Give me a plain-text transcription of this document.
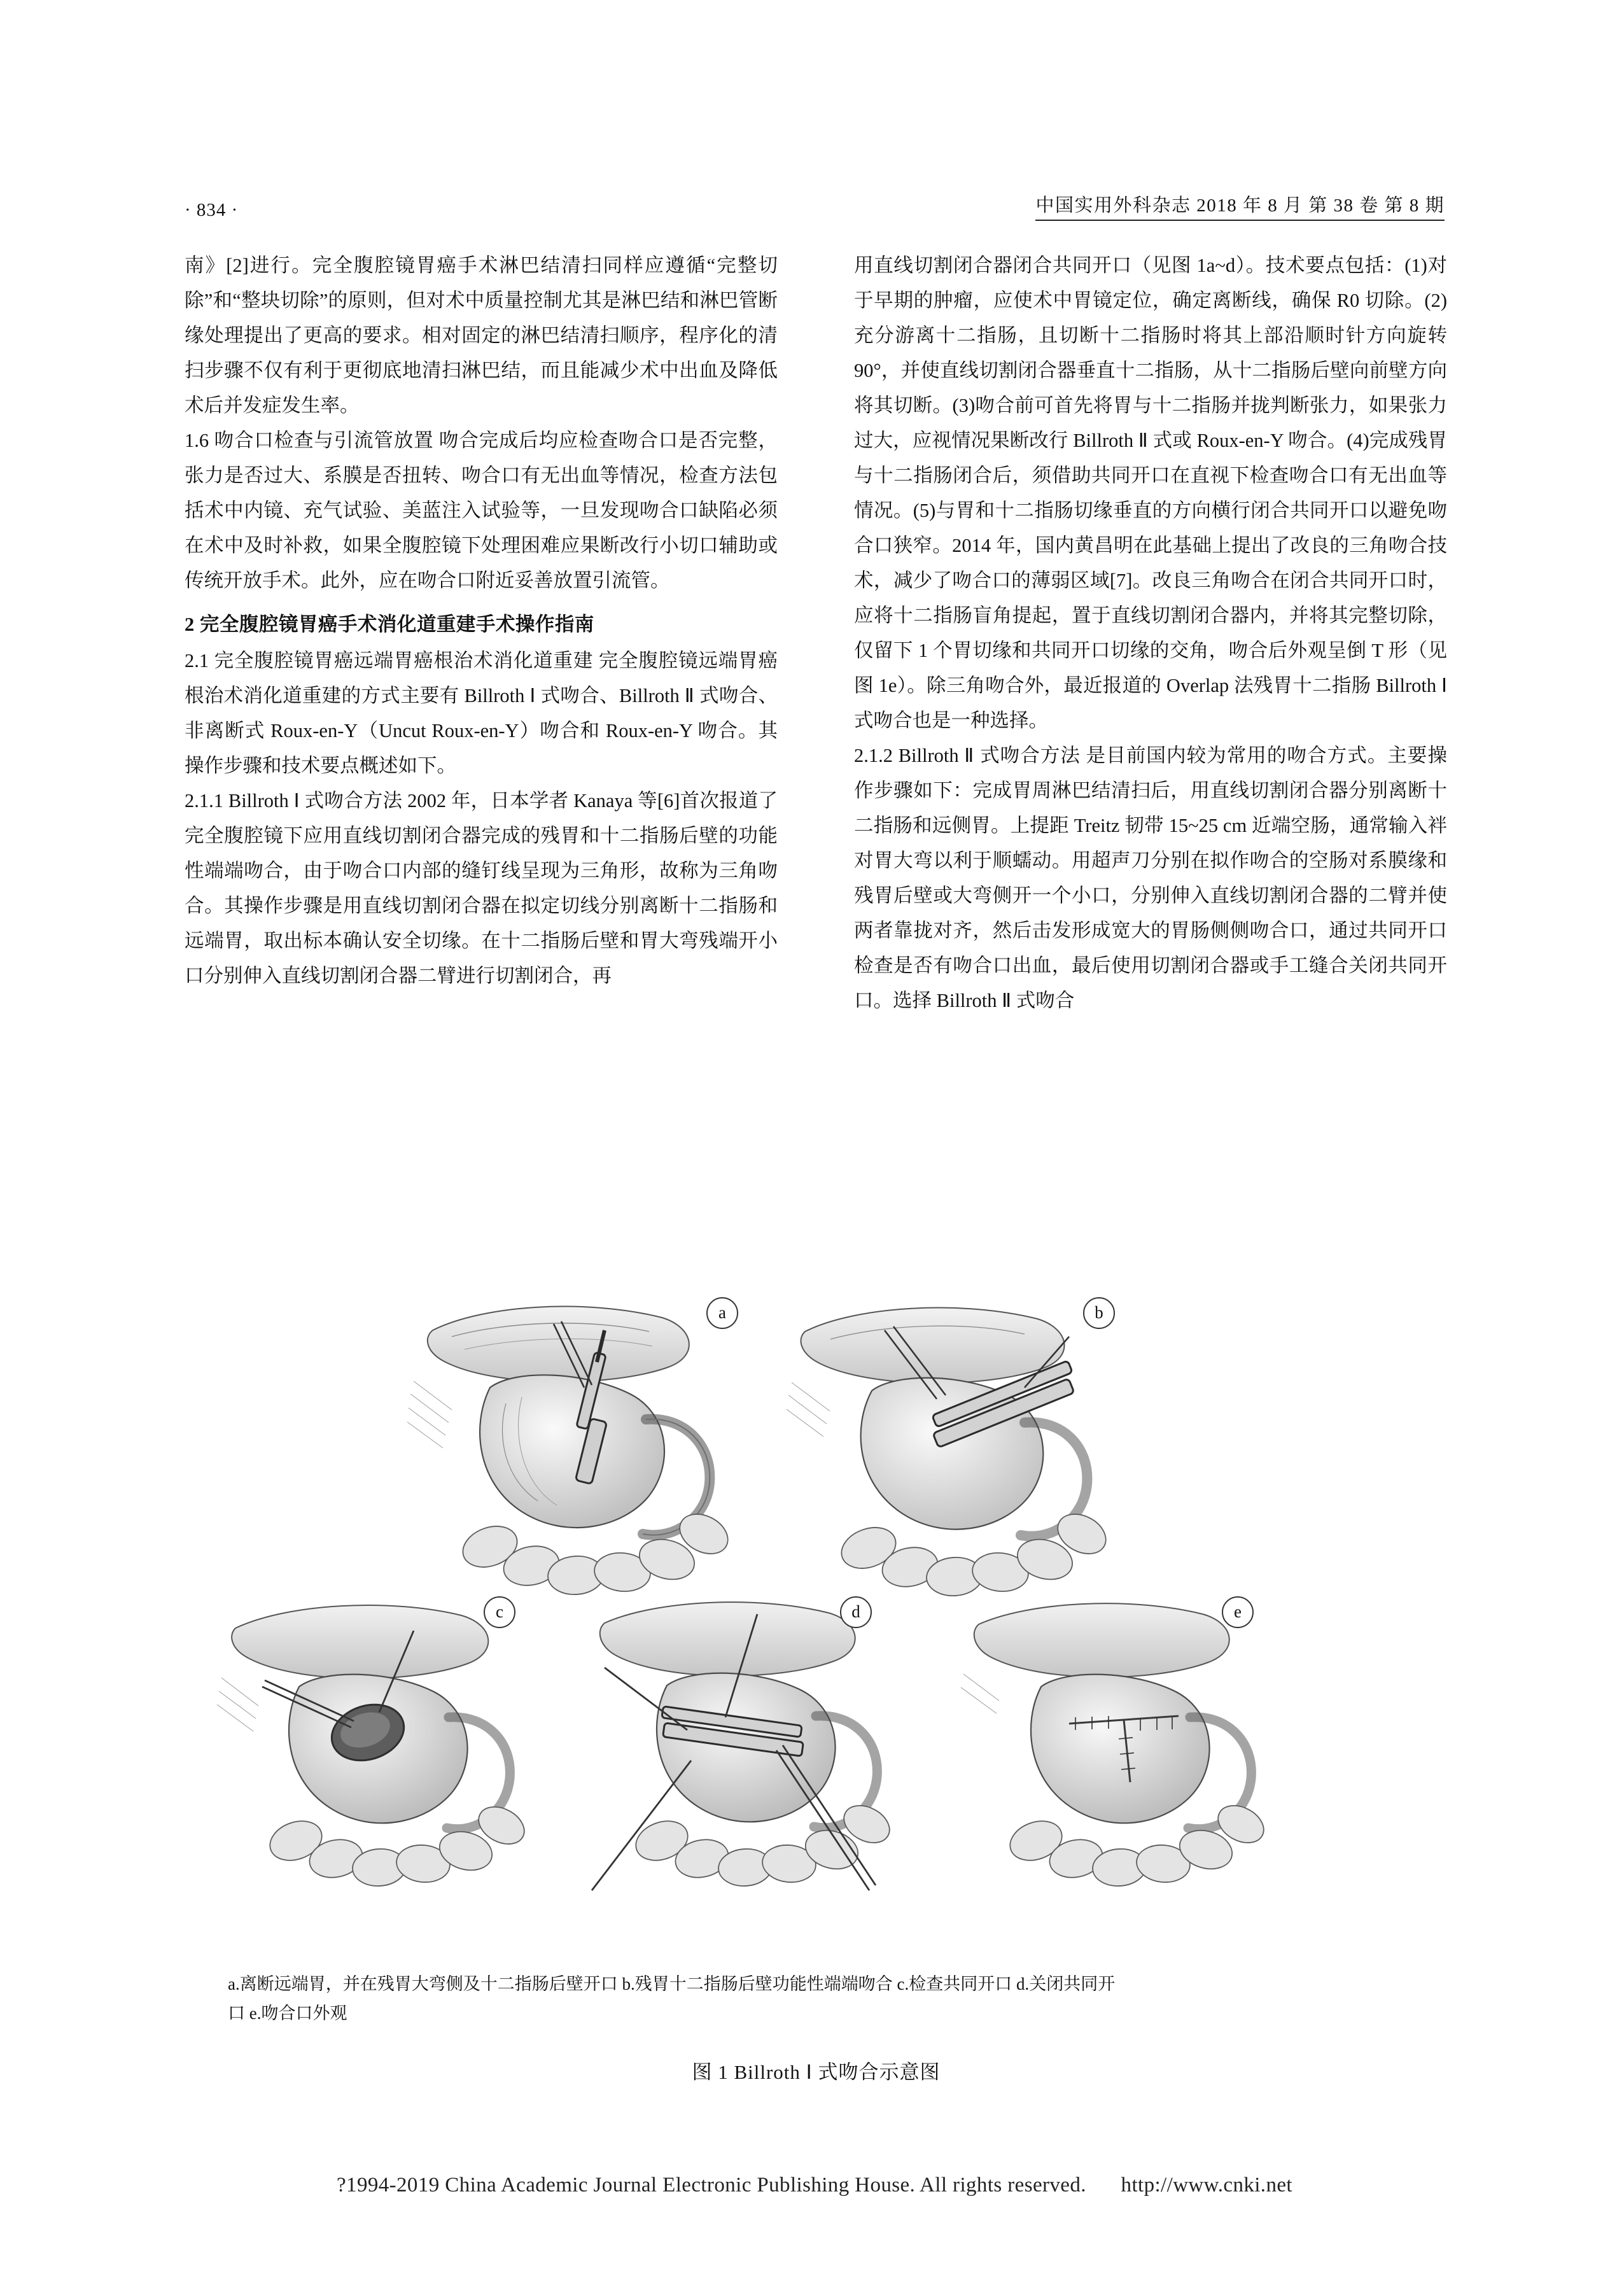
· 834 ·	中国实用外科杂志 2018 年 8 月 第 38 卷 第 8 期

南》[2]进行。完全腹腔镜胃癌手术淋巴结清扫同样应遵循“完整切除”和“整块切除”的原则，但对术中质量控制尤其是淋巴结和淋巴管断缘处理提出了更高的要求。相对固定的淋巴结清扫顺序，程序化的清扫步骤不仅有利于更彻底地清扫淋巴结，而且能减少术中出血及降低术后并发症发生率。

1.6 吻合口检查与引流管放置 吻合完成后均应检查吻合口是否完整，张力是否过大、系膜是否扭转、吻合口有无出血等情况，检查方法包括术中内镜、充气试验、美蓝注入试验等，一旦发现吻合口缺陷必须在术中及时补救，如果全腹腔镜下处理困难应果断改行小切口辅助或传统开放手术。此外，应在吻合口附近妥善放置引流管。

2 完全腹腔镜胃癌手术消化道重建手术操作指南

2.1 完全腹腔镜胃癌远端胃癌根治术消化道重建 完全腹腔镜远端胃癌根治术消化道重建的方式主要有 Billroth Ⅰ 式吻合、Billroth Ⅱ 式吻合、非离断式 Roux-en-Y（Uncut Roux-en-Y）吻合和 Roux-en-Y 吻合。其操作步骤和技术要点概述如下。

2.1.1 Billroth Ⅰ 式吻合方法 2002 年，日本学者 Kanaya 等[6]首次报道了完全腹腔镜下应用直线切割闭合器完成的残胃和十二指肠后壁的功能性端端吻合，由于吻合口内部的缝钉线呈现为三角形，故称为三角吻合。其操作步骤是用直线切割闭合器在拟定切线分别离断十二指肠和远端胃，取出标本确认安全切缘。在十二指肠后壁和胃大弯残端开小口分别伸入直线切割闭合器二臂进行切割闭合，再

用直线切割闭合器闭合共同开口（见图 1a~d）。技术要点包括：(1)对于早期的肿瘤，应使术中胃镜定位，确定离断线，确保 R0 切除。(2)充分游离十二指肠，且切断十二指肠时将其上部沿顺时针方向旋转 90°，并使直线切割闭合器垂直十二指肠，从十二指肠后壁向前壁方向将其切断。(3)吻合前可首先将胃与十二指肠并拢判断张力，如果张力过大，应视情况果断改行 Billroth Ⅱ 式或 Roux-en-Y 吻合。(4)完成残胃与十二指肠闭合后，须借助共同开口在直视下检查吻合口有无出血等情况。(5)与胃和十二指肠切缘垂直的方向横行闭合共同开口以避免吻合口狭窄。2014 年，国内黄昌明在此基础上提出了改良的三角吻合技术，减少了吻合口的薄弱区域[7]。改良三角吻合在闭合共同开口时，应将十二指肠盲角提起，置于直线切割闭合器内，并将其完整切除，仅留下 1 个胃切缘和共同开口切缘的交角，吻合后外观呈倒 T 形（见图 1e）。除三角吻合外，最近报道的 Overlap 法残胃十二指肠 Billroth Ⅰ 式吻合也是一种选择。

2.1.2 Billroth Ⅱ 式吻合方法 是目前国内较为常用的吻合方式。主要操作步骤如下：完成胃周淋巴结清扫后，用直线切割闭合器分别离断十二指肠和远侧胃。上提距 Treitz 韧带 15~25 cm 近端空肠，通常输入袢对胃大弯以利于顺蠕动。用超声刀分别在拟作吻合的空肠对系膜缘和残胃后壁或大弯侧开一个小口，分别伸入直线切割闭合器的二臂并使两者靠拢对齐，然后击发形成宽大的胃肠侧侧吻合口，通过共同开口检查是否有吻合口出血，最后使用切割闭合器或手工缝合关闭共同开口。选择 Billroth Ⅱ 式吻合

a	b
c	d	e
a.离断远端胃，并在残胃大弯侧及十二指肠后壁开口 b.残胃十二指肠后壁功能性端端吻合 c.检查共同开口 d.关闭共同开
口 e.吻合口外观
图 1 Billroth Ⅰ 式吻合示意图
?1994-2019 China Academic Journal Electronic Publishing House. All rights reserved. http://www.cnki.net
